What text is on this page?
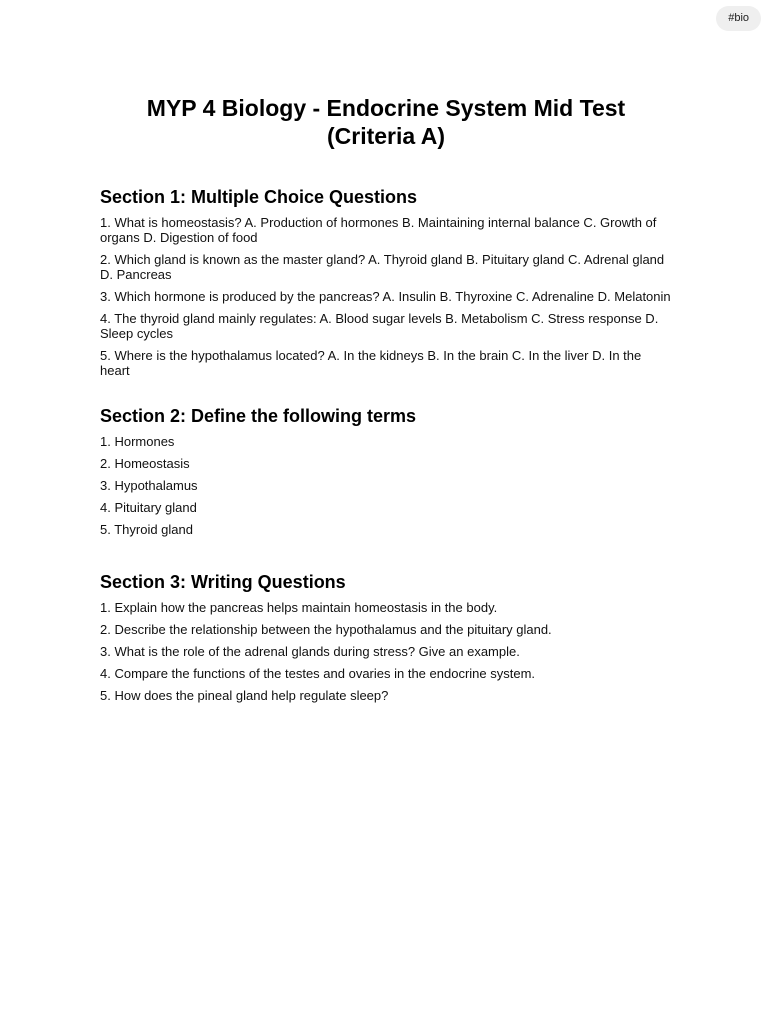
#bio
MYP 4 Biology - Endocrine System Mid Test
(Criteria A)
Section 1: Multiple Choice Questions
1. What is homeostasis? A. Production of hormones B. Maintaining internal balance C. Growth of organs D. Digestion of food
2. Which gland is known as the master gland? A. Thyroid gland B. Pituitary gland C. Adrenal gland D. Pancreas
3. Which hormone is produced by the pancreas? A. Insulin B. Thyroxine C. Adrenaline D. Melatonin
4. The thyroid gland mainly regulates: A. Blood sugar levels B. Metabolism C. Stress response D. Sleep cycles
5. Where is the hypothalamus located? A. In the kidneys B. In the brain C. In the liver D. In the heart
Section 2: Define the following terms
1. Hormones
2. Homeostasis
3. Hypothalamus
4. Pituitary gland
5. Thyroid gland
Section 3: Writing Questions
1. Explain how the pancreas helps maintain homeostasis in the body.
2. Describe the relationship between the hypothalamus and the pituitary gland.
3. What is the role of the adrenal glands during stress? Give an example.
4. Compare the functions of the testes and ovaries in the endocrine system.
5. How does the pineal gland help regulate sleep?
